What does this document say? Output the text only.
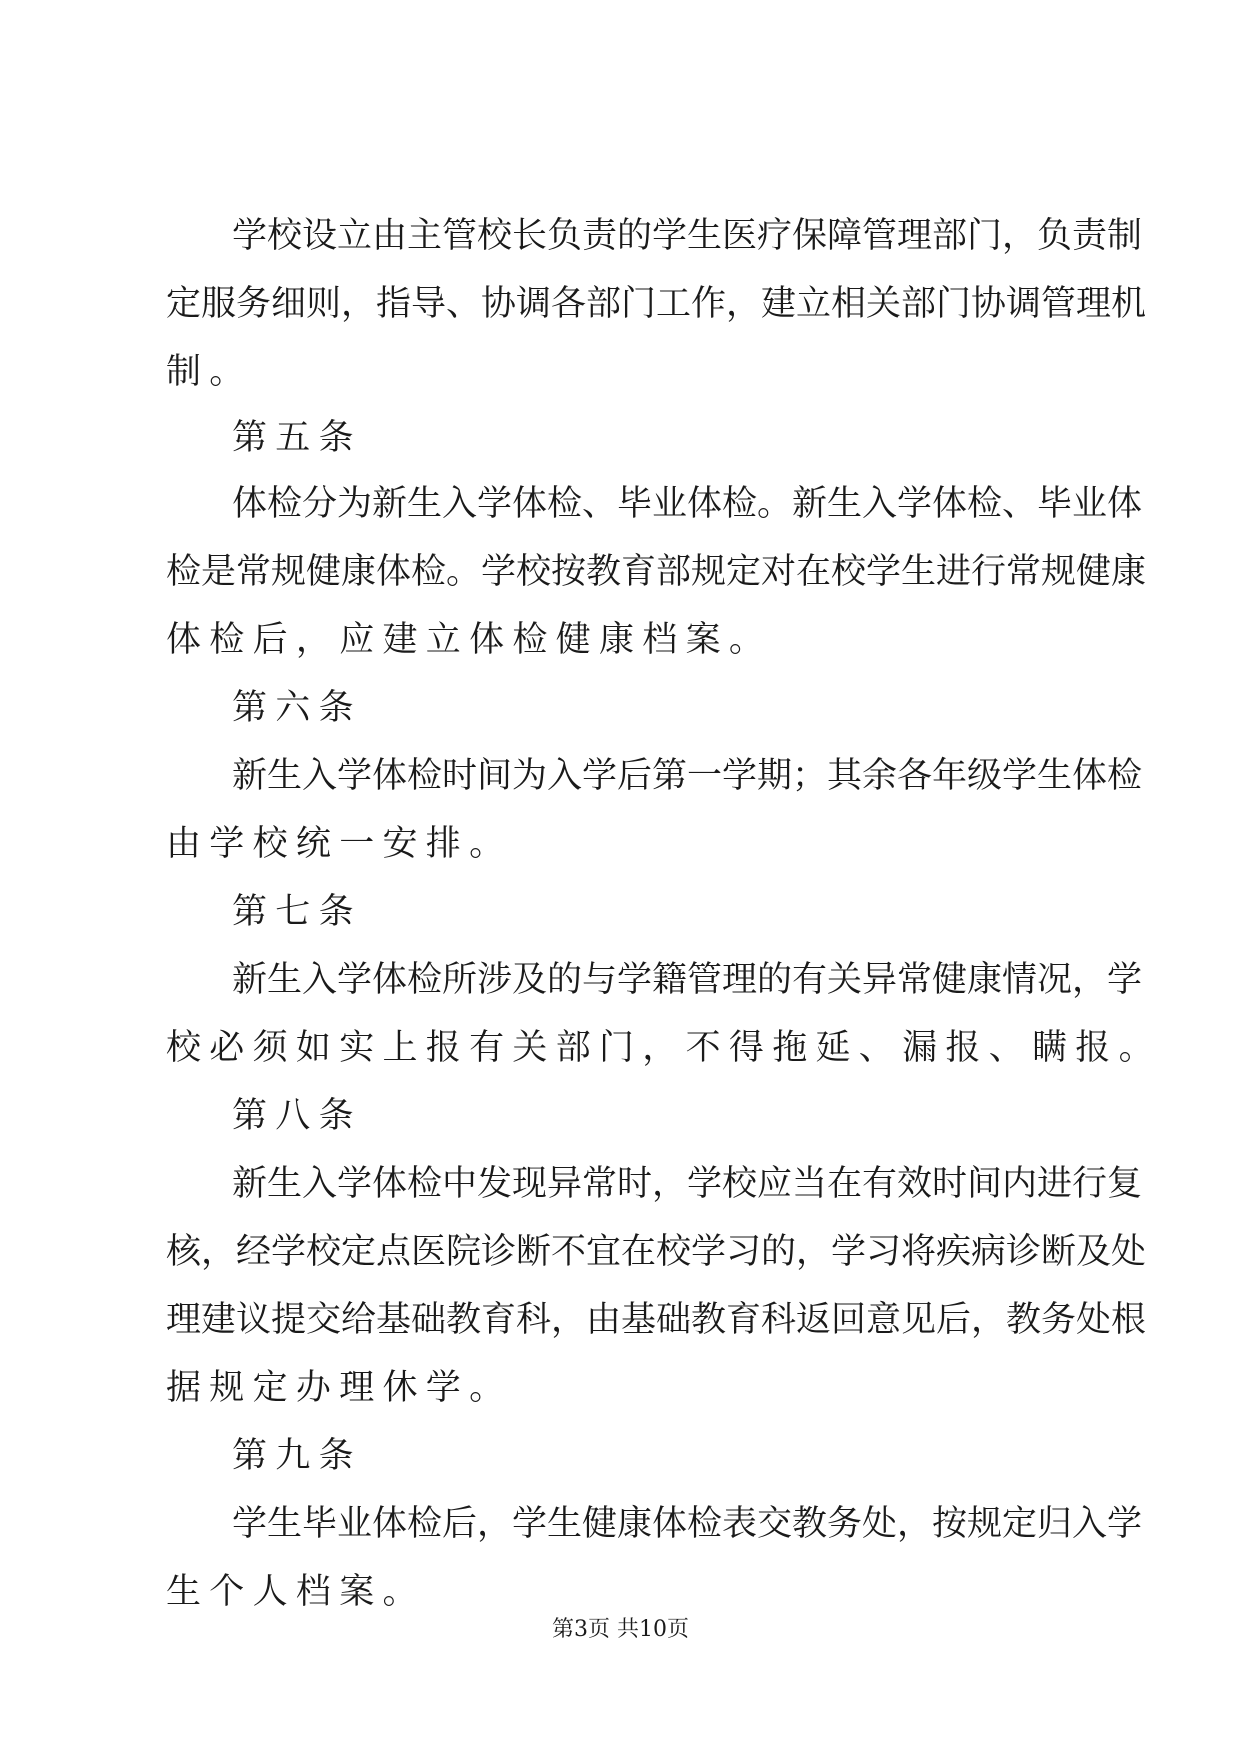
学校设立由主管校长负责的学生医疗保障管理部门，负责制
定服务细则，指导、协调各部门工作，建立相关部门协调管理机
制。
第五条
体检分为新生入学体检、毕业体检。新生入学体检、毕业体
检是常规健康体检。学校按教育部规定对在校学生进行常规健康
体检后，应建立体检健康档案。
第六条
新生入学体检时间为入学后第一学期；其余各年级学生体检
由学校统一安排。
第七条
新生入学体检所涉及的与学籍管理的有关异常健康情况，学
校必须如实上报有关部门，不得拖延、漏报、瞒报。
第八条
新生入学体检中发现异常时，学校应当在有效时间内进行复
核，经学校定点医院诊断不宜在校学习的，学习将疾病诊断及处
理建议提交给基础教育科，由基础教育科返回意见后，教务处根
据规定办理休学。
第九条
学生毕业体检后，学生健康体检表交教务处，按规定归入学
生个人档案。
第3页 共10页
